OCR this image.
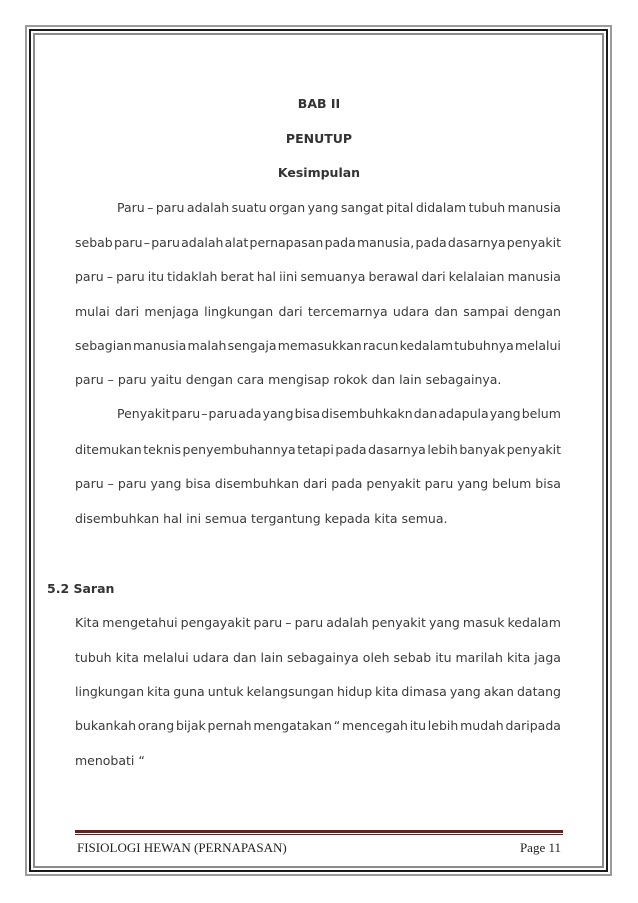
BAB II
PENUTUP
Kesimpulan
Paru – paru adalah suatu organ yang sangat pital didalam tubuh manusia
sebab paru – paru adalah alat pernapasan pada manusia, pada dasarnya penyakit
paru – paru itu tidaklah berat hal iini semuanya berawal dari kelalaian manusia
mulai dari menjaga lingkungan dari tercemarnya udara dan sampai dengan
sebagian manusia malah sengaja memasukkan racun kedalam tubuhnya melalui
paru – paru yaitu dengan cara mengisap rokok dan lain sebagainya.
Penyakit paru – paru ada yang bisa disembuhkakn dan adapula yang belum
ditemukan teknis penyembuhannya tetapi pada dasarnya lebih banyak penyakit
paru – paru yang bisa disembuhkan dari pada penyakit paru yang belum bisa
disembuhkan hal ini semua tergantung kepada kita semua.
5.2 Saran
Kita mengetahui pengayakit paru – paru adalah penyakit yang masuk kedalam
tubuh kita melalui udara dan lain sebagainya oleh sebab itu marilah kita jaga
lingkungan kita guna untuk kelangsungan hidup kita dimasa yang akan datang
bukankah orang bijak pernah mengatakan “ mencegah itu lebih mudah daripada
menobati “
FISIOLOGI HEWAN (PERNAPASAN)	Page 11
